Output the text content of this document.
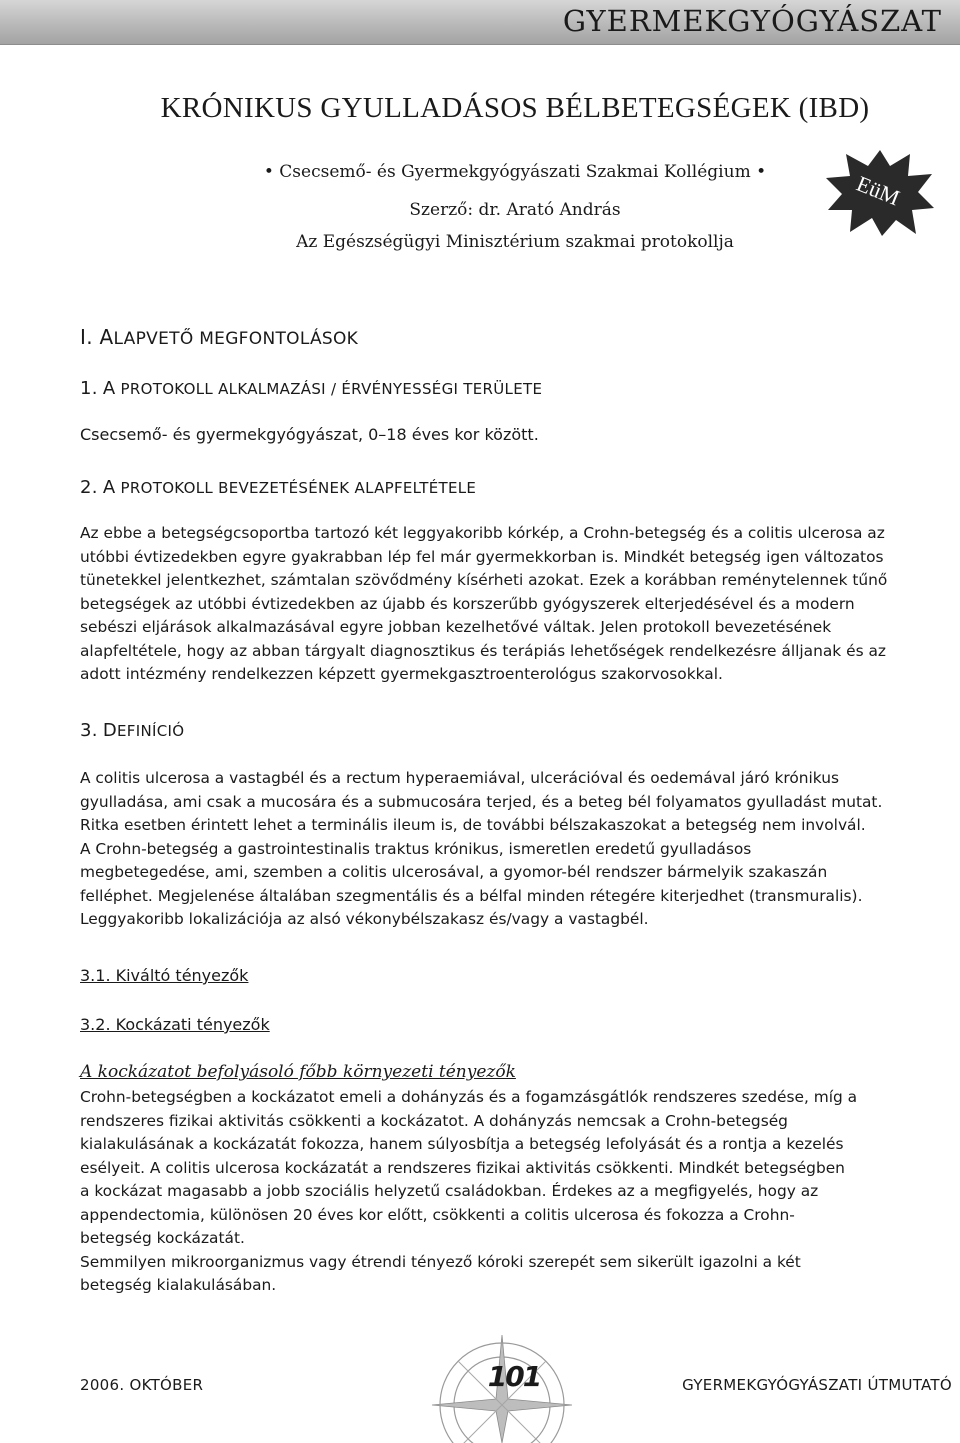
GYERMEKGYÓGYÁSZAT
KRÓNIKUS GYULLADÁSOS BÉLBETEGSÉGEK (IBD)
• Csecsemő- és Gyermekgyógyászati Szakmai Kollégium •
Szerző: dr. Arató András
Az Egészségügyi Minisztérium szakmai protokollja
EüM
I. ALAPVETŐ MEGFONTOLÁSOK
1. A PROTOKOLL ALKALMAZÁSI / ÉRVÉNYESSÉGI TERÜLETE
Csecsemő- és gyermekgyógyászat, 0–18 éves kor között.
2. A PROTOKOLL BEVEZETÉSÉNEK ALAPFELTÉTELE
Az ebbe a betegségcsoportba tartozó két leggyakoribb kórkép, a Crohn-betegség és a colitis ulcerosa az
utóbbi évtizedekben egyre gyakrabban lép fel már gyermekkorban is. Mindkét betegség igen változatos
tünetekkel jelentkezhet, számtalan szövődmény kísérheti azokat. Ezek a korábban reménytelennek tűnő
betegségek az utóbbi évtizedekben az újabb és korszerűbb gyógyszerek elterjedésével és a modern
sebészi eljárások alkalmazásával egyre jobban kezelhetővé váltak. Jelen protokoll bevezetésének
alapfeltétele, hogy az abban tárgyalt diagnosztikus és terápiás lehetőségek rendelkezésre álljanak és az
adott intézmény rendelkezzen képzett gyermekgasztroenterológus szakorvosokkal.
3. DEFINÍCIÓ
A colitis ulcerosa a vastagbél és a rectum hyperaemiával, ulcerációval és oedemával járó krónikus
gyulladása, ami csak a mucosára és a submucosára terjed, és a beteg bél folyamatos gyulladást mutat.
Ritka esetben érintett lehet a terminális ileum is, de további bélszakaszokat a betegség nem involvál.
A Crohn-betegség a gastrointestinalis traktus krónikus, ismeretlen eredetű gyulladásos
megbetegedése, ami, szemben a colitis ulcerosával, a gyomor-bél rendszer bármelyik szakaszán
felléphet. Megjelenése általában szegmentális és a bélfal minden rétegére kiterjedhet (transmuralis).
Leggyakoribb lokalizációja az alsó vékonybélszakasz és/vagy a vastagbél.
3.1. Kiváltó tényezők
3.2. Kockázati tényezők
A kockázatot befolyásoló főbb környezeti tényezők
Crohn-betegségben a kockázatot emeli a dohányzás és a fogamzásgátlók rendszeres szedése, míg a
rendszeres fizikai aktivitás csökkenti a kockázatot. A dohányzás nemcsak a Crohn-betegség
kialakulásának a kockázatát fokozza, hanem súlyosbítja a betegség lefolyását és a rontja a kezelés
esélyeit. A colitis ulcerosa kockázatát a rendszeres fizikai aktivitás csökkenti. Mindkét betegségben
a kockázat magasabb a jobb szociális helyzetű családokban. Érdekes az a megfigyelés, hogy az
appendectomia, különösen 20 éves kor előtt, csökkenti a colitis ulcerosa és fokozza a Crohn-
betegség kockázatát.
Semmilyen mikroorganizmus vagy étrendi tényező kóroki szerepét sem sikerült igazolni a két
betegség kialakulásában.
101
2006. OKTÓBER	GYERMEKGYÓGYÁSZATI ÚTMUTATÓ
